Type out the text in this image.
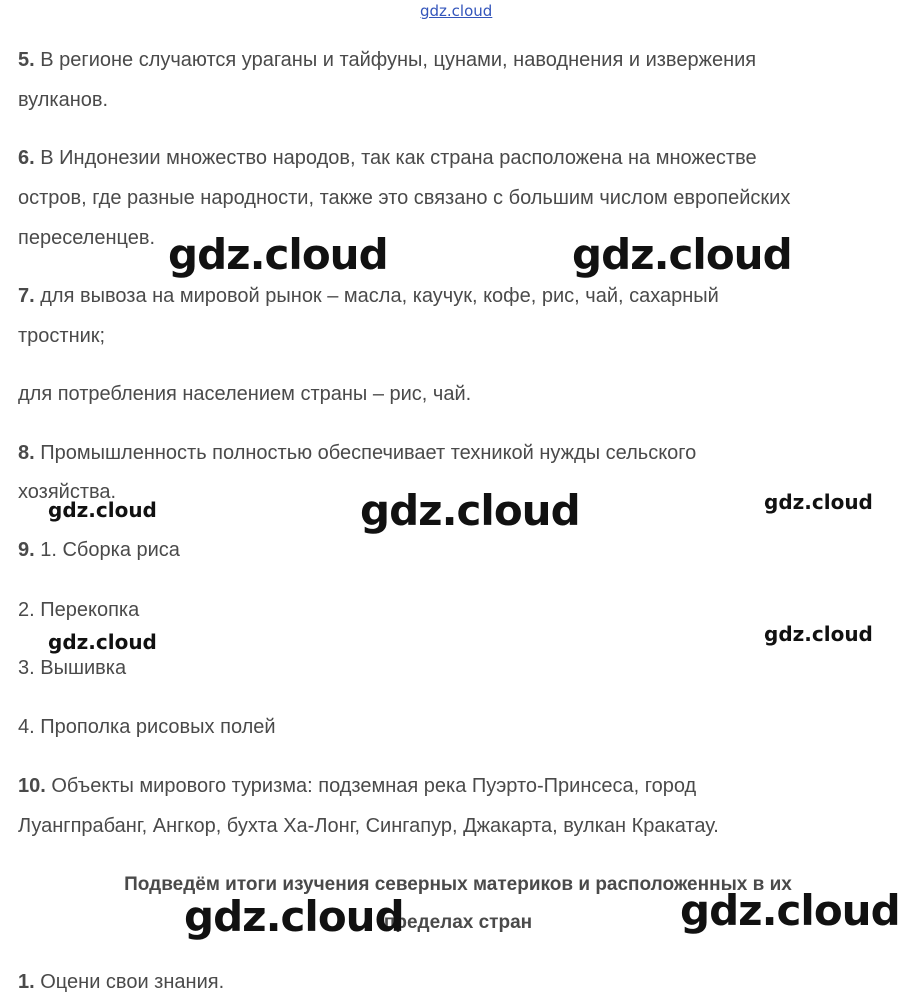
gdz.cloud

5. В регионе случаются ураганы и тайфуны, цунами, наводнения и извержения

вулканов.

6. В Индонезии множество народов, так как страна расположена на множестве

остров, где разные народности, также это связано с большим числом европейских

переселенцев.

7. для вывоза на мировой рынок – масла, каучук, кофе, рис, чай, сахарный

тростник;

для потребления населением страны – рис, чай.

8. Промышленность полностью обеспечивает техникой нужды сельского

хозяйства.

9. 1. Сборка риса

2. Перекопка

3. Вышивка

4. Прополка рисовых полей

10. Объекты мирового туризма: подземная река Пуэрто-Принсеса, город

Луангпрабанг, Ангкор, бухта Ха-Лонг, Сингапур, Джакарта, вулкан Кракатау.

Подведём итоги изучения северных материков и расположенных в их
пределах стран

1. Оцени свои знания.

gdz.cloud	gdz.cloud
gdz.cloud	gdz.cloud	gdz.cloud
gdz.cloud	gdz.cloud
gdz.cloud	gdz.cloud
